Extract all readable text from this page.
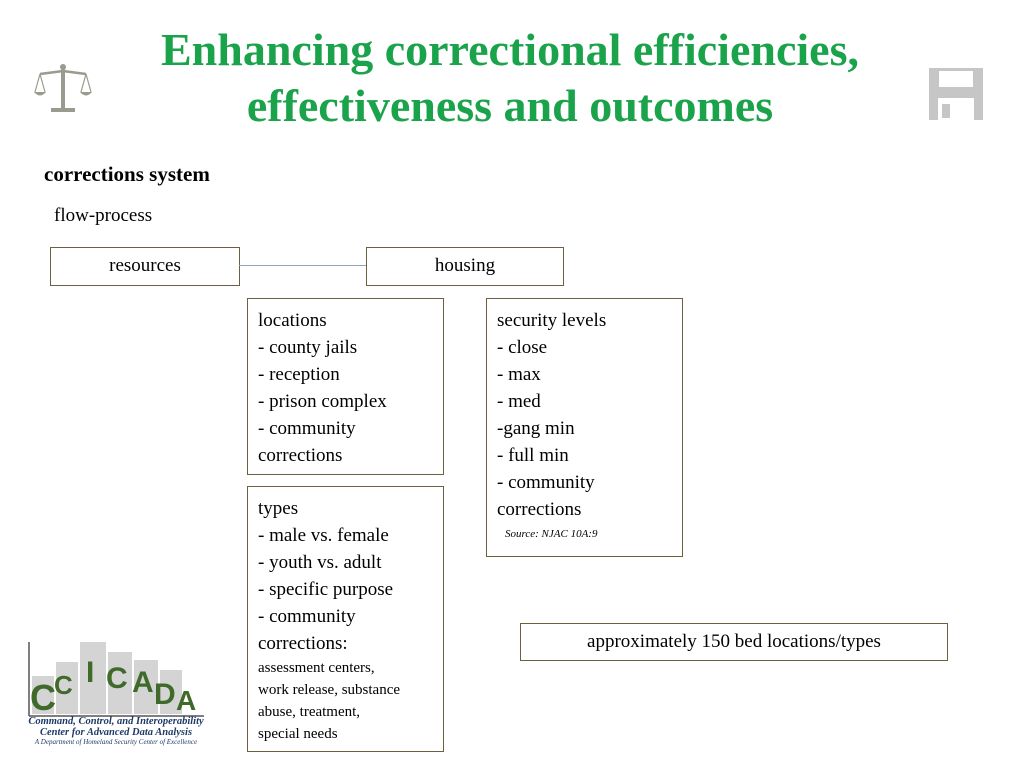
Enhancing correctional efficiencies,
effectiveness and outcomes
corrections system
flow-process
resources	housing
locations
- county jails
- reception
- prison complex
- community
corrections
types
- male vs. female
- youth vs. adult
- specific purpose
- community
corrections:
assessment centers,
work release, substance
abuse, treatment,
special needs
security levels
- close
- max
- med
-gang min
- full min
- community
corrections
Source: NJAC 10A:9
approximately 150 bed locations/types
C
C I C A D A
Command, Control, and Interoperability
Center for Advanced Data Analysis
A Department of Homeland Security Center of Excellence
